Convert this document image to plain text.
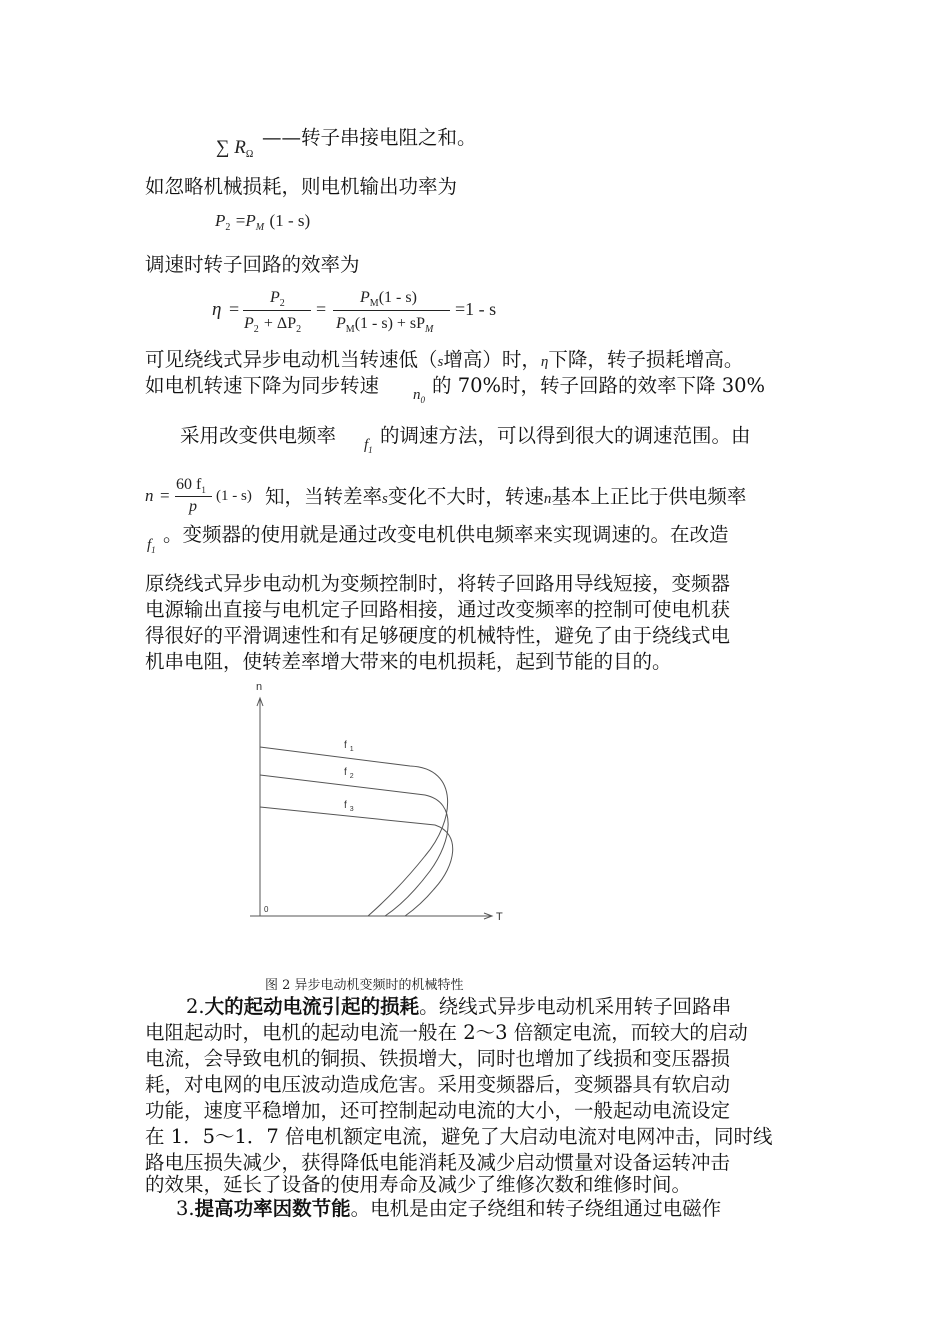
∑ $R_\Omega$
——转子串接电阻之和。
如忽略机械损耗，则电机输出功率为
$P_2 =P_M$ (1 - s)
调速时转子回路的效率为
η =
$P_2$
$P_2 + \Delta P_2$
=
$P_M(1 - s)$
$P_M(1 - s) + sP_M$
=1 - s
可见绕线式异步电动机当转速低（s增高）时，η下降，转子损耗增高。
如电机转速下降为同步转速 $n_0$
的 70%时，转子回路的效率下降 30%
采用改变供电频率 $f_1$
的调速方法，可以得到很大的调速范围。由
n =
60 $f_1$
p
(1 - s) 知，当转差率s变化不大时，转速n基本上正比于供电频率
$f_1$
。变频器的使用就是通过改变电机供电频率来实现调速的。在改造
原绕线式异步电动机为变频控制时，将转子回路用导线短接，变频器
电源输出直接与电机定子回路相接，通过改变频率的控制可使电机获
得很好的平滑调速性和有足够硬度的机械特性，避免了由于绕线式电
机串电阻，使转差率增大带来的电机损耗，起到节能的目的。
n
T
0
f $_1$
f $_2$
f $_3$
图 2 异步电动机变频时的机械特性
2.大的起动电流引起的损耗。绕线式异步电动机采用转子回路串
电阻起动时，电机的起动电流一般在 2～3 倍额定电流，而较大的启动
电流，会导致电机的铜损、铁损增大，同时也增加了线损和变压器损
耗，对电网的电压波动造成危害。采用变频器后，变频器具有软启动
功能，速度平稳增加，还可控制起动电流的大小，一般起动电流设定
在 1．5～1．7 倍电机额定电流，避免了大启动电流对电网冲击，同时线
路电压损失减少，获得降低电能消耗及减少启动惯量对设备运转冲击
的效果，延长了设备的使用寿命及减少了维修次数和维修时间。
3.提高功率因数节能。电机是由定子绕组和转子绕组通过电磁作
